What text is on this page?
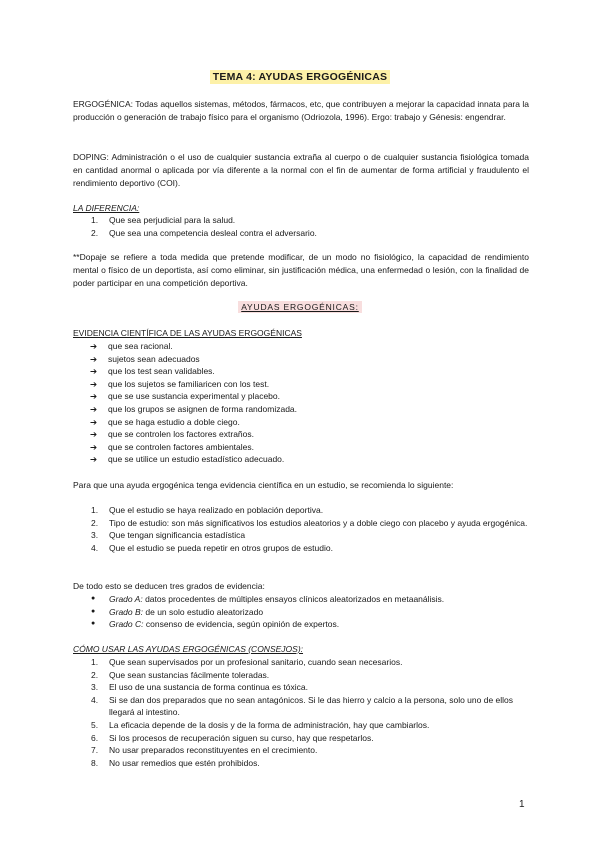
TEMA 4: AYUDAS ERGOGÉNICAS

ERGOGÉNICA: Todas aquellos sistemas, métodos, fármacos, etc, que contribuyen a mejorar la capacidad innata para la producción o generación de trabajo físico para el organismo (Odriozola, 1996). Ergo: trabajo y Génesis: engendrar.

DOPING: Administración o el uso de cualquier sustancia extraña al cuerpo o de cualquier sustancia fisiológica tomada en cantidad anormal o aplicada por vía diferente a la normal con el fin de aumentar de forma artificial y fraudulento el rendimiento deportivo (COI).

LA DIFERENCIA:
1. Que sea perjudicial para la salud.
2. Que sea una competencia desleal contra el adversario.

**Dopaje se refiere a toda medida que pretende modificar, de un modo no fisiológico, la capacidad de rendimiento mental o físico de un deportista, así como eliminar, sin justificación médica, una enfermedad o lesión, con la finalidad de poder participar en una competición deportiva.

AYUDAS ERGOGÉNICAS:
EVIDENCIA CIENTÍFICA DE LAS AYUDAS ERGOGÉNICAS
➔ que sea racional.
➔ sujetos sean adecuados
➔ que los test sean validables.
➔ que los sujetos se familiaricen con los test.
➔ que se use sustancia experimental y placebo.
➔ que los grupos se asignen de forma randomizada.
➔ que se haga estudio a doble ciego.
➔ que se controlen los factores extraños.
➔ que se controlen factores ambientales.
➔ que se utilice un estudio estadístico adecuado.

Para que una ayuda ergogénica tenga evidencia científica en un estudio, se recomienda lo siguiente:

1. Que el estudio se haya realizado en población deportiva.
2. Tipo de estudio: son más significativos los estudios aleatorios y a doble ciego con placebo y ayuda ergogénica.
3. Que tengan significancia estadística
4. Que el estudio se pueda repetir en otros grupos de estudio.

De todo esto se deducen tres grados de evidencia:

● Grado A: datos procedentes de múltiples ensayos clínicos aleatorizados en metaanálisis.
● Grado B: de un solo estudio aleatorizado
● Grado C: consenso de evidencia, según opinión de expertos.
CÓMO USAR LAS AYUDAS ERGOGÉNICAS (CONSEJOS):
1. Que sean supervisados por un profesional sanitario, cuando sean necesarios.
2. Que sean sustancias fácilmente toleradas.
3. El uso de una sustancia de forma continua es tóxica.
4. Si se dan dos preparados que no sean antagónicos. Si le das hierro y calcio a la persona, solo uno de ellos llegará al intestino.
5. La eficacia depende de la dosis y de la forma de administración, hay que cambiarlos.
6. Si los procesos de recuperación siguen su curso, hay que respetarlos.
7. No usar preparados reconstituyentes en el crecimiento.
8. No usar remedios que estén prohibidos.
1
